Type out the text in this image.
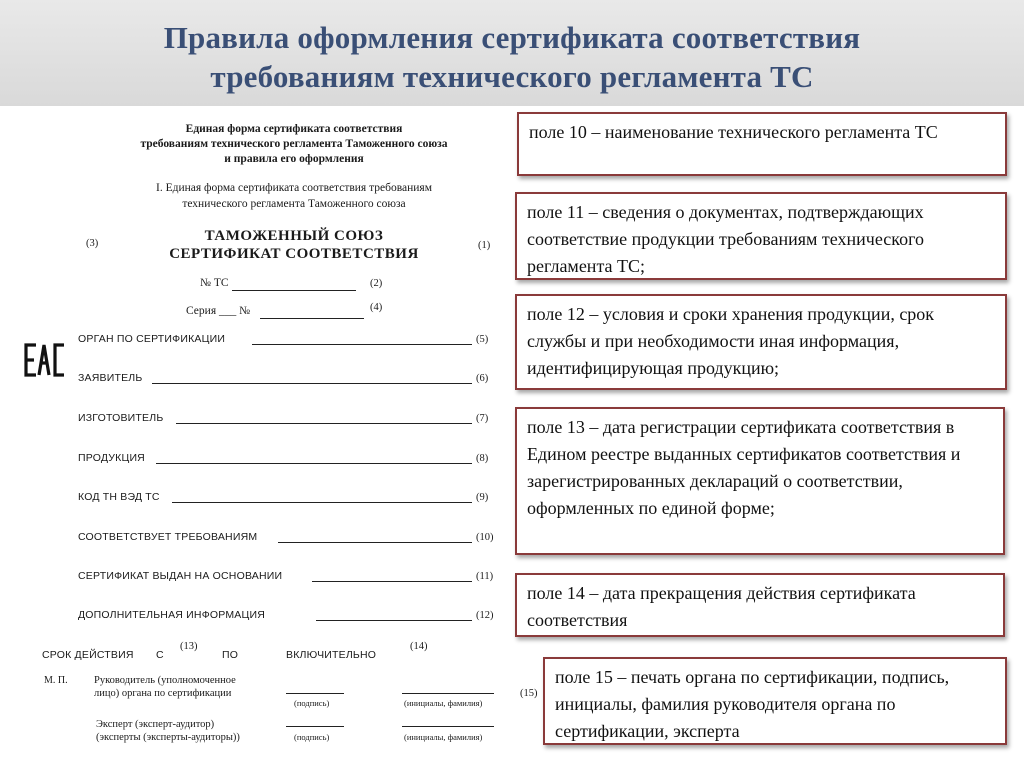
Правила оформления сертификата соответствия
требованиям технического регламента ТС
Единая форма сертификата соответствия
требованиям технического регламента Таможенного союза
и правила его оформления
I. Единая форма сертификата соответствия требованиям
технического регламента Таможенного союза
EAC
(3)	ТАМОЖЕННЫЙ СОЮЗ
СЕРТИФИКАТ СООТВЕТСТВИЯ
(1)
№ ТС	(2)
Серия ___ №	(4)
ОРГАН ПО СЕРТИФИКАЦИИ	(5)
ЗАЯВИТЕЛЬ	(6)
ИЗГОТОВИТЕЛЬ	(7)
ПРОДУКЦИЯ	(8)
КОД ТН ВЭД ТС	(9)
СООТВЕТСТВУЕТ ТРЕБОВАНИЯМ	(10)
СЕРТИФИКАТ ВЫДАН НА ОСНОВАНИИ	(11)
ДОПОЛНИТЕЛЬНАЯ ИНФОРМАЦИЯ	(12)
СРОК ДЕЙСТВИЯ С
(13)
ПО	ВКЛЮЧИТЕЛЬНО
(14)
М. П.	Руководитель (уполномоченное
лицо) органа по сертификации
(подпись)	(инициалы, фамилия)
(15)
Эксперт (эксперт-аудитор)
(эксперты (эксперты-аудиторы))	(подпись)	(инициалы, фамилия)
поле 10 – наименование технического регламента ТС
поле 11 – сведения о документах, подтверждающих соответствие продукции требованиям технического регламента ТС;
поле 12 – условия и сроки хранения продукции, срок службы и при необходимости иная информация, идентифицирующая продукцию;
поле 13 – дата регистрации сертификата соответствия в Едином реестре выданных сертификатов соответствия и зарегистрированных деклараций о соответствии, оформленных по единой форме;
поле 14 – дата прекращения действия сертификата соответствия
поле 15 – печать органа по сертификации, подпись, инициалы, фамилия руководителя органа по сертификации, эксперта
